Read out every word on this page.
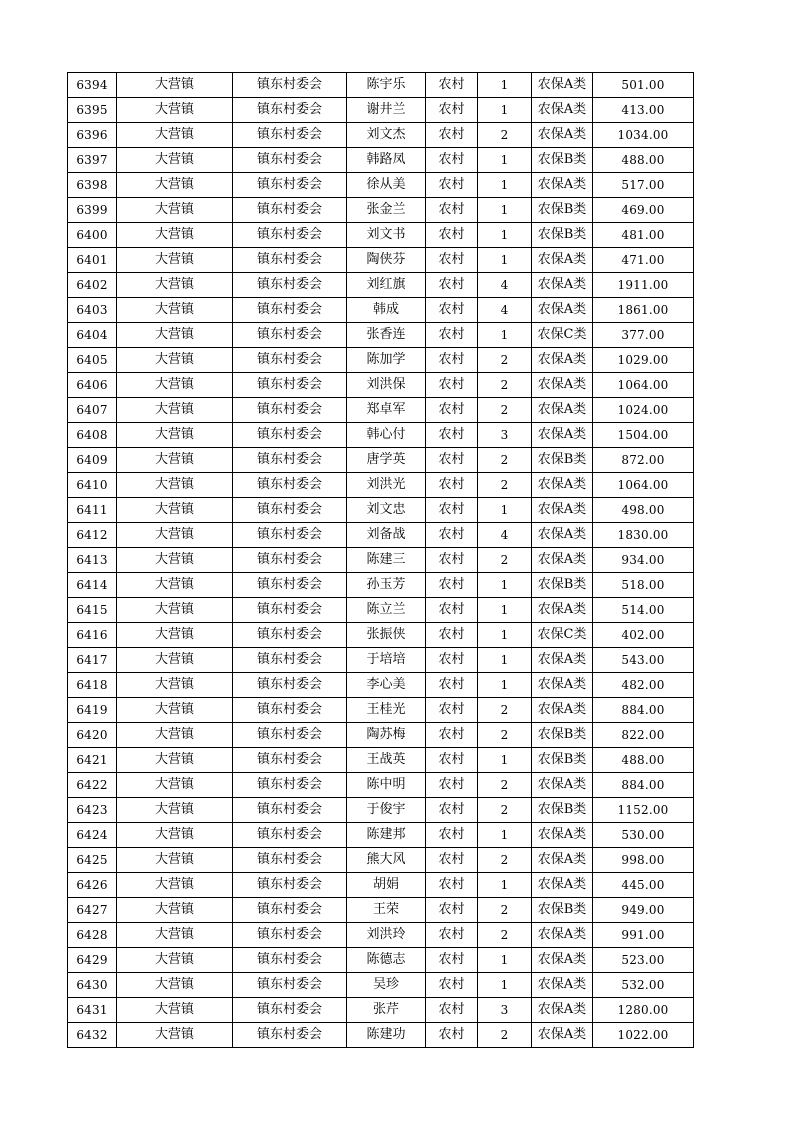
6394	大营镇	镇东村委会	陈宇乐	农村	1	农保A类	501.00
6395	大营镇	镇东村委会	谢井兰	农村	1	农保A类	413.00
6396	大营镇	镇东村委会	刘文杰	农村	2	农保A类	1034.00
6397	大营镇	镇东村委会	韩路凤	农村	1	农保B类	488.00
6398	大营镇	镇东村委会	徐从美	农村	1	农保A类	517.00
6399	大营镇	镇东村委会	张金兰	农村	1	农保B类	469.00
6400	大营镇	镇东村委会	刘文书	农村	1	农保B类	481.00
6401	大营镇	镇东村委会	陶侠芬	农村	1	农保A类	471.00
6402	大营镇	镇东村委会	刘红旗	农村	4	农保A类	1911.00
6403	大营镇	镇东村委会	韩成	农村	4	农保A类	1861.00
6404	大营镇	镇东村委会	张香连	农村	1	农保C类	377.00
6405	大营镇	镇东村委会	陈加学	农村	2	农保A类	1029.00
6406	大营镇	镇东村委会	刘洪保	农村	2	农保A类	1064.00
6407	大营镇	镇东村委会	郑卓军	农村	2	农保A类	1024.00
6408	大营镇	镇东村委会	韩心付	农村	3	农保A类	1504.00
6409	大营镇	镇东村委会	唐学英	农村	2	农保B类	872.00
6410	大营镇	镇东村委会	刘洪光	农村	2	农保A类	1064.00
6411	大营镇	镇东村委会	刘文忠	农村	1	农保A类	498.00
6412	大营镇	镇东村委会	刘备战	农村	4	农保A类	1830.00
6413	大营镇	镇东村委会	陈建三	农村	2	农保A类	934.00
6414	大营镇	镇东村委会	孙玉芳	农村	1	农保B类	518.00
6415	大营镇	镇东村委会	陈立兰	农村	1	农保A类	514.00
6416	大营镇	镇东村委会	张振侠	农村	1	农保C类	402.00
6417	大营镇	镇东村委会	于培培	农村	1	农保A类	543.00
6418	大营镇	镇东村委会	李心美	农村	1	农保A类	482.00
6419	大营镇	镇东村委会	王桂光	农村	2	农保A类	884.00
6420	大营镇	镇东村委会	陶苏梅	农村	2	农保B类	822.00
6421	大营镇	镇东村委会	王战英	农村	1	农保B类	488.00
6422	大营镇	镇东村委会	陈中明	农村	2	农保A类	884.00
6423	大营镇	镇东村委会	于俊宇	农村	2	农保B类	1152.00
6424	大营镇	镇东村委会	陈建邦	农村	1	农保A类	530.00
6425	大营镇	镇东村委会	熊大风	农村	2	农保A类	998.00
6426	大营镇	镇东村委会	胡娟	农村	1	农保A类	445.00
6427	大营镇	镇东村委会	王荣	农村	2	农保B类	949.00
6428	大营镇	镇东村委会	刘洪玲	农村	2	农保A类	991.00
6429	大营镇	镇东村委会	陈德志	农村	1	农保A类	523.00
6430	大营镇	镇东村委会	吴珍	农村	1	农保A类	532.00
6431	大营镇	镇东村委会	张芹	农村	3	农保A类	1280.00
6432	大营镇	镇东村委会	陈建功	农村	2	农保A类	1022.00
